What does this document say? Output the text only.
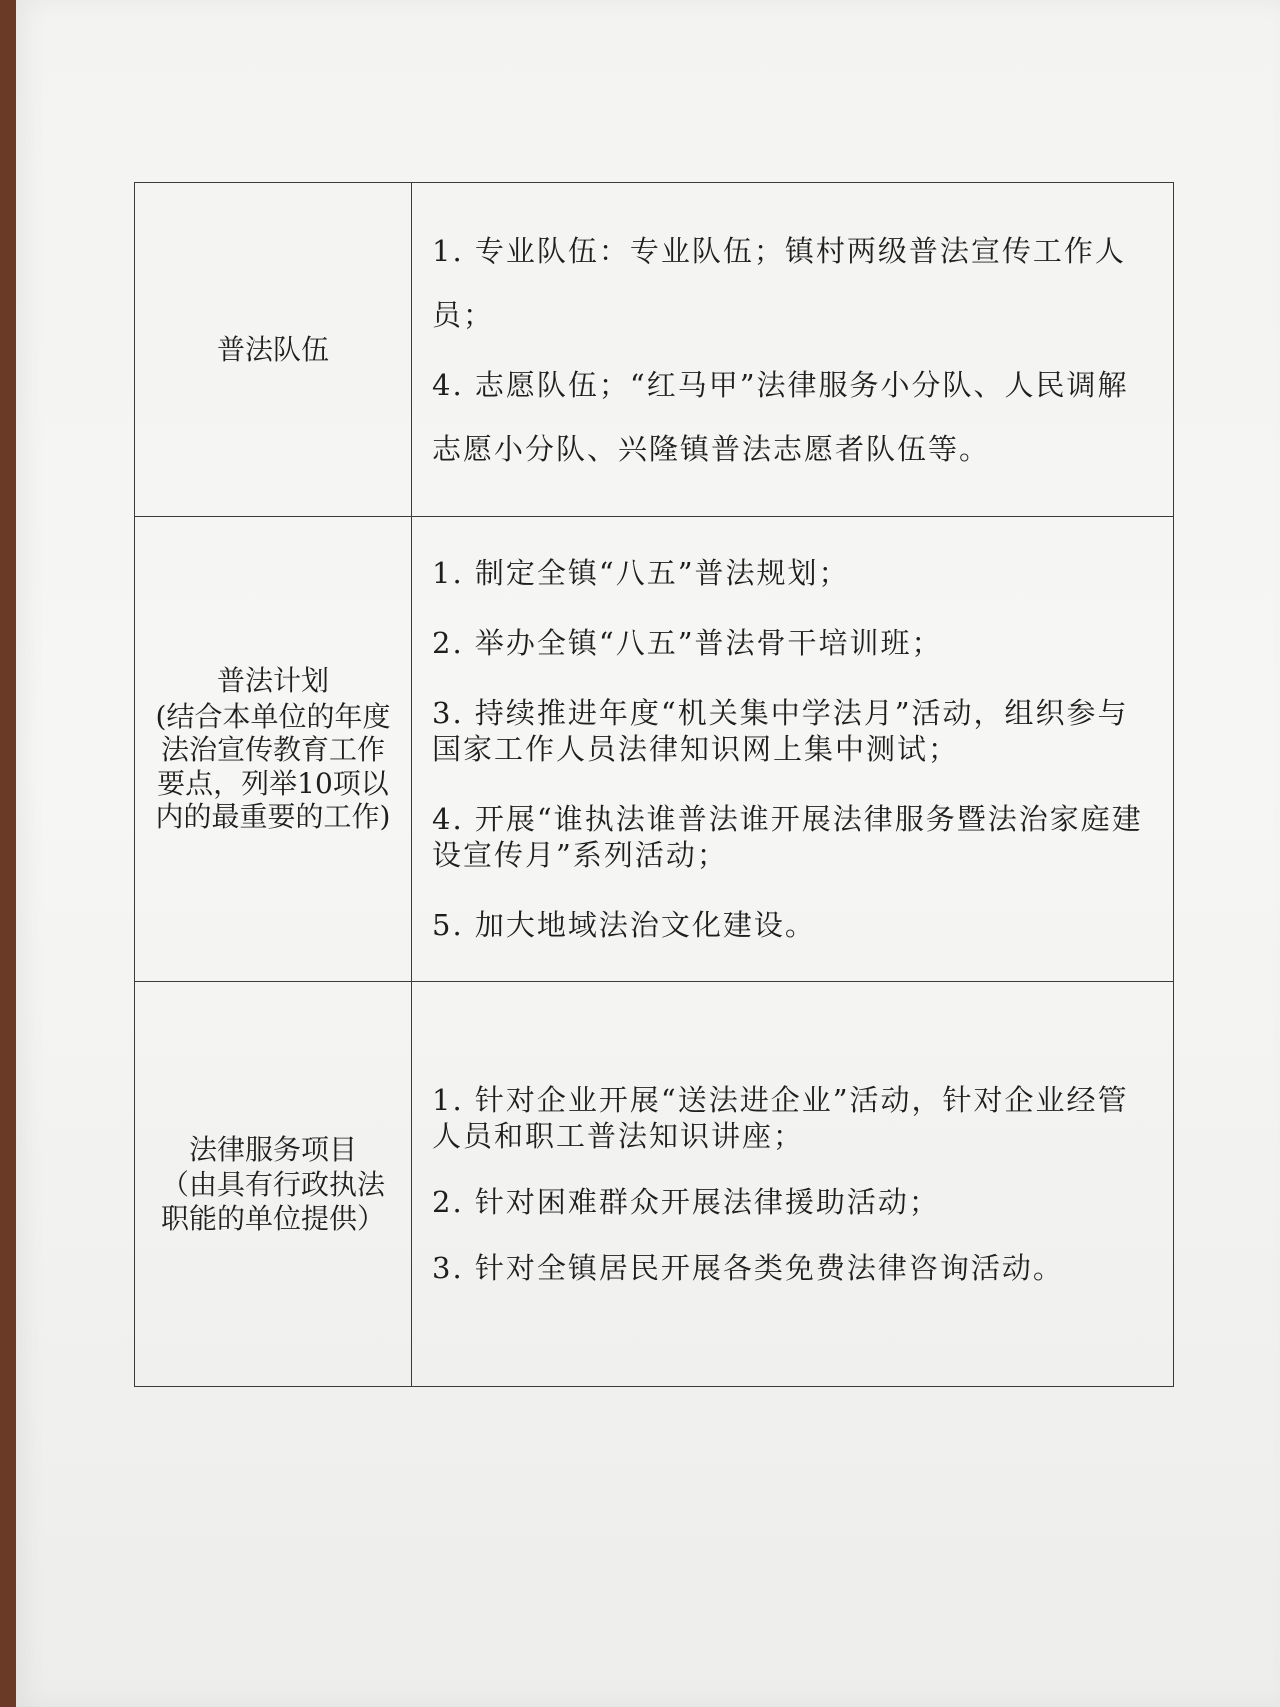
普法队伍	1. 专业队伍：专业队伍；镇村两级普法宣传工作人员；
4. 志愿队伍；“红马甲”法律服务小分队、人民调解志愿小分队、兴隆镇普法志愿者队伍等。

普法计划
(结合本单位的年度法治宣传教育工作要点，列举10项以内的最重要的工作)	1. 制定全镇“八五”普法规划；
2. 举办全镇“八五”普法骨干培训班；
3. 持续推进年度“机关集中学法月”活动，组织参与国家工作人员法律知识网上集中测试；
4. 开展“谁执法谁普法谁开展法律服务暨法治家庭建设宣传月”系列活动；
5. 加大地域法治文化建设。

法律服务项目
（由具有行政执法职能的单位提供）	1. 针对企业开展“送法进企业”活动，针对企业经管人员和职工普法知识讲座；
2. 针对困难群众开展法律援助活动；
3. 针对全镇居民开展各类免费法律咨询活动。
